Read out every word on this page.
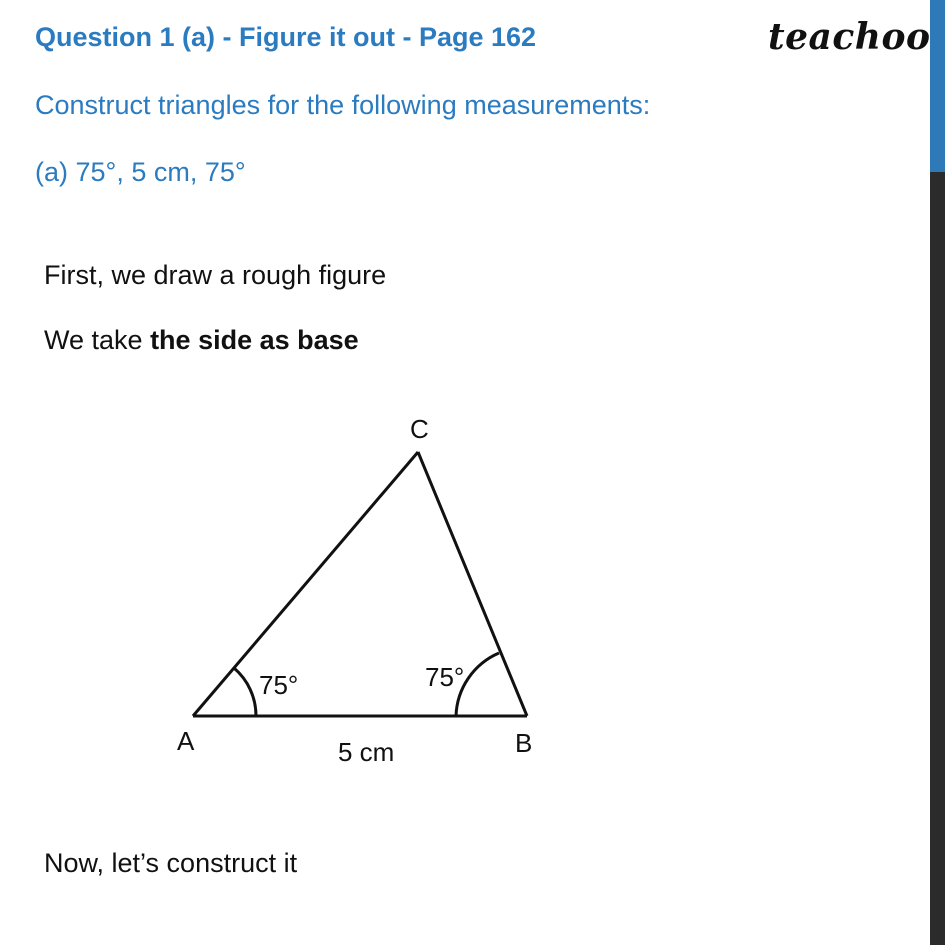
Question 1 (a) - Figure it out - Page 162	teachoo
Construct triangles for the following measurements:
(a) 75°, 5 cm, 75°
First, we draw a rough figure
We take the side as base
C
A	B
75°	75°
5 cm
Now, let’s construct it
